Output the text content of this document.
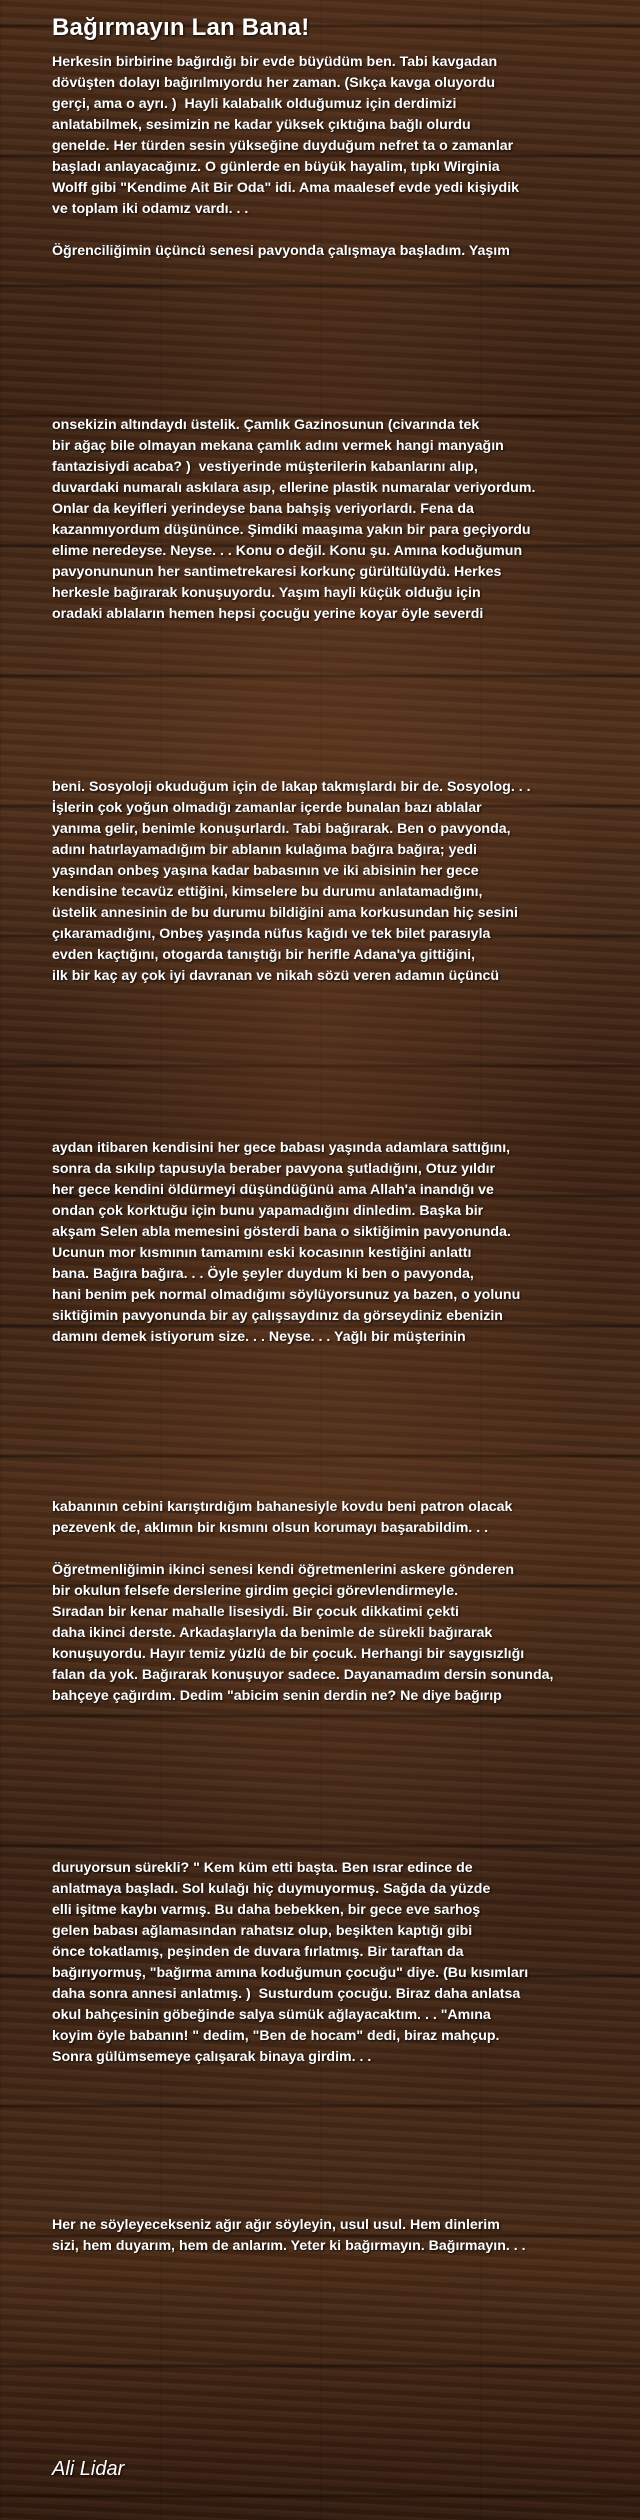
Bağırmayın Lan Bana!

Herkesin birbirine bağırdığı bir evde büyüdüm ben. Tabi kavgadan
dövüşten dolayı bağırılmıyordu her zaman. (Sıkça kavga oluyordu
gerçi, ama o ayrı. )  Hayli kalabalık olduğumuz için derdimizi
anlatabilmek, sesimizin ne kadar yüksek çıktığına bağlı olurdu
genelde. Her türden sesin yükseğine duyduğum nefret ta o zamanlar
başladı anlayacağınız. O günlerde en büyük hayalim, tıpkı Wirginia
Wolff gibi "Kendime Ait Bir Oda" idi. Ama maalesef evde yedi kişiydik
ve toplam iki odamız vardı. . .

Öğrenciliğimin üçüncü senesi pavyonda çalışmaya başladım. Yaşım

onsekizin altındaydı üstelik. Çamlık Gazinosunun (civarında tek
bir ağaç bile olmayan mekana çamlık adını vermek hangi manyağın
fantazisiydi acaba? )  vestiyerinde müşterilerin kabanlarını alıp,
duvardaki numaralı askılara asıp, ellerine plastik numaralar veriyordum.
Onlar da keyifleri yerindeyse bana bahşiş veriyorlardı. Fena da
kazanmıyordum düşününce. Şimdiki maaşıma yakın bir para geçiyordu
elime neredeyse. Neyse. . . Konu o değil. Konu şu. Amına koduğumun
pavyonununun her santimetrekaresi korkunç gürültülüydü. Herkes
herkesle bağırarak konuşuyordu. Yaşım hayli küçük olduğu için
oradaki ablaların hemen hepsi çocuğu yerine koyar öyle severdi

beni. Sosyoloji okuduğum için de lakap takmışlardı bir de. Sosyolog. . .
İşlerin çok yoğun olmadığı zamanlar içerde bunalan bazı ablalar
yanıma gelir, benimle konuşurlardı. Tabi bağırarak. Ben o pavyonda,
adını hatırlayamadığım bir ablanın kulağıma bağıra bağıra; yedi
yaşından onbeş yaşına kadar babasının ve iki abisinin her gece
kendisine tecavüz ettiğini, kimselere bu durumu anlatamadığını,
üstelik annesinin de bu durumu bildiğini ama korkusundan hiç sesini
çıkaramadığını, Onbeş yaşında nüfus kağıdı ve tek bilet parasıyla
evden kaçtığını, otogarda tanıştığı bir herifle Adana'ya gittiğini,
ilk bir kaç ay çok iyi davranan ve nikah sözü veren adamın üçüncü

aydan itibaren kendisini her gece babası yaşında adamlara sattığını,
sonra da sıkılıp tapusuyla beraber pavyona şutladığını, Otuz yıldır
her gece kendini öldürmeyi düşündüğünü ama Allah'a inandığı ve
ondan çok korktuğu için bunu yapamadığını dinledim. Başka bir
akşam Selen abla memesini gösterdi bana o siktiğimin pavyonunda.
Ucunun mor kısmının tamamını eski kocasının kestiğini anlattı
bana. Bağıra bağıra. . . Öyle şeyler duydum ki ben o pavyonda,
hani benim pek normal olmadığımı söylüyorsunuz ya bazen, o yolunu
siktiğimin pavyonunda bir ay çalışsaydınız da görseydiniz ebenizin
damını demek istiyorum size. . . Neyse. . . Yağlı bir müşterinin

kabanının cebini karıştırdığım bahanesiyle kovdu beni patron olacak
pezevenk de, aklımın bir kısmını olsun korumayı başarabildim. . .

Öğretmenliğimin ikinci senesi kendi öğretmenlerini askere gönderen
bir okulun felsefe derslerine girdim geçici görevlendirmeyle.
Sıradan bir kenar mahalle lisesiydi. Bir çocuk dikkatimi çekti
daha ikinci derste. Arkadaşlarıyla da benimle de sürekli bağırarak
konuşuyordu. Hayır temiz yüzlü de bir çocuk. Herhangi bir saygısızlığı
falan da yok. Bağırarak konuşuyor sadece. Dayanamadım dersin sonunda,
bahçeye çağırdım. Dedim "abicim senin derdin ne? Ne diye bağırıp

duruyorsun sürekli? " Kem küm etti başta. Ben ısrar edince de
anlatmaya başladı. Sol kulağı hiç duymuyormuş. Sağda da yüzde
elli işitme kaybı varmış. Bu daha bebekken, bir gece eve sarhoş
gelen babası ağlamasından rahatsız olup, beşikten kaptığı gibi
önce tokatlamış, peşinden de duvara fırlatmış. Bir taraftan da
bağırıyormuş, "bağırma amına koduğumun çocuğu" diye. (Bu kısımları
daha sonra annesi anlatmış. )  Susturdum çocuğu. Biraz daha anlatsa
okul bahçesinin göbeğinde salya sümük ağlayacaktım. . . "Amına
koyim öyle babanın! " dedim, "Ben de hocam" dedi, biraz mahçup.
Sonra gülümsemeye çalışarak binaya girdim. . .

Her ne söyleyecekseniz ağır ağır söyleyin, usul usul. Hem dinlerim
sizi, hem duyarım, hem de anlarım. Yeter ki bağırmayın. Bağırmayın. . .

Ali Lidar
